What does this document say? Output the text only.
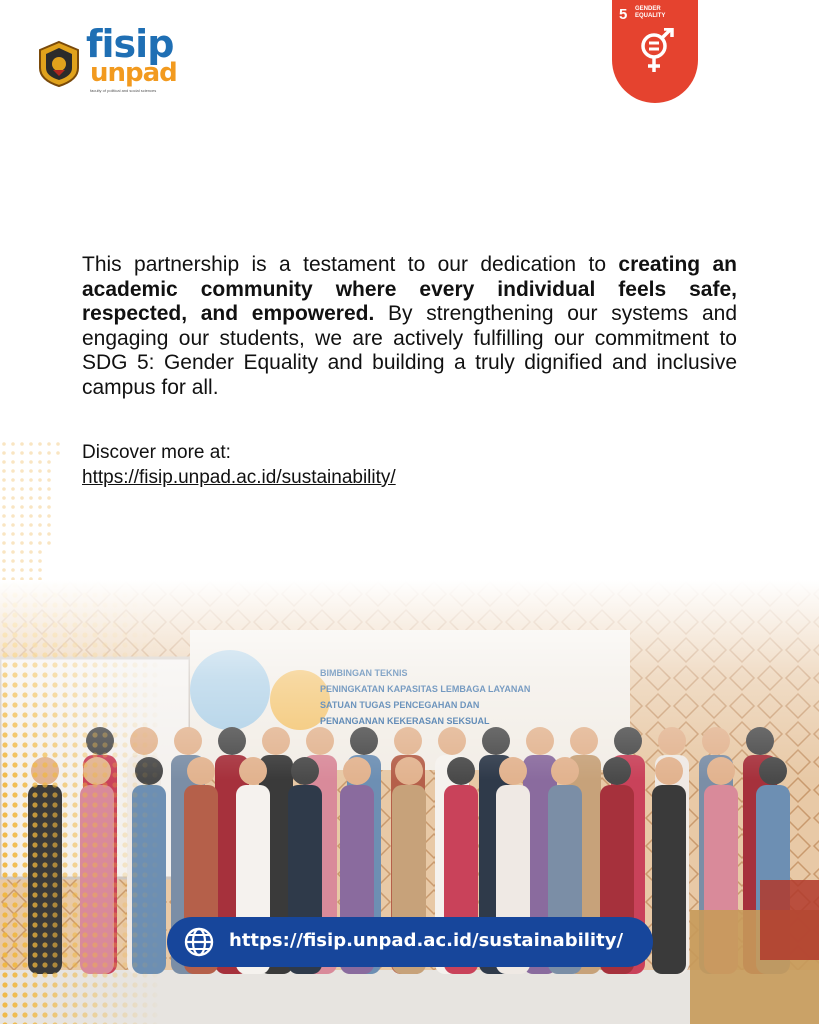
fisip
unpad
faculty of political and social sciences
5 GENDER
EQUALITY

This partnership is a testament to our dedication to creating an academic community where every individual feels safe, respected, and empowered. By strengthening our systems and engaging our students, we are actively fulfilling our commitment to SDG 5: Gender Equality and building a truly dignified and inclusive campus for all.

Discover more at:
https://fisip.unpad.ac.id/sustainability/
https://fisip.unpad.ac.id/sustainability/
